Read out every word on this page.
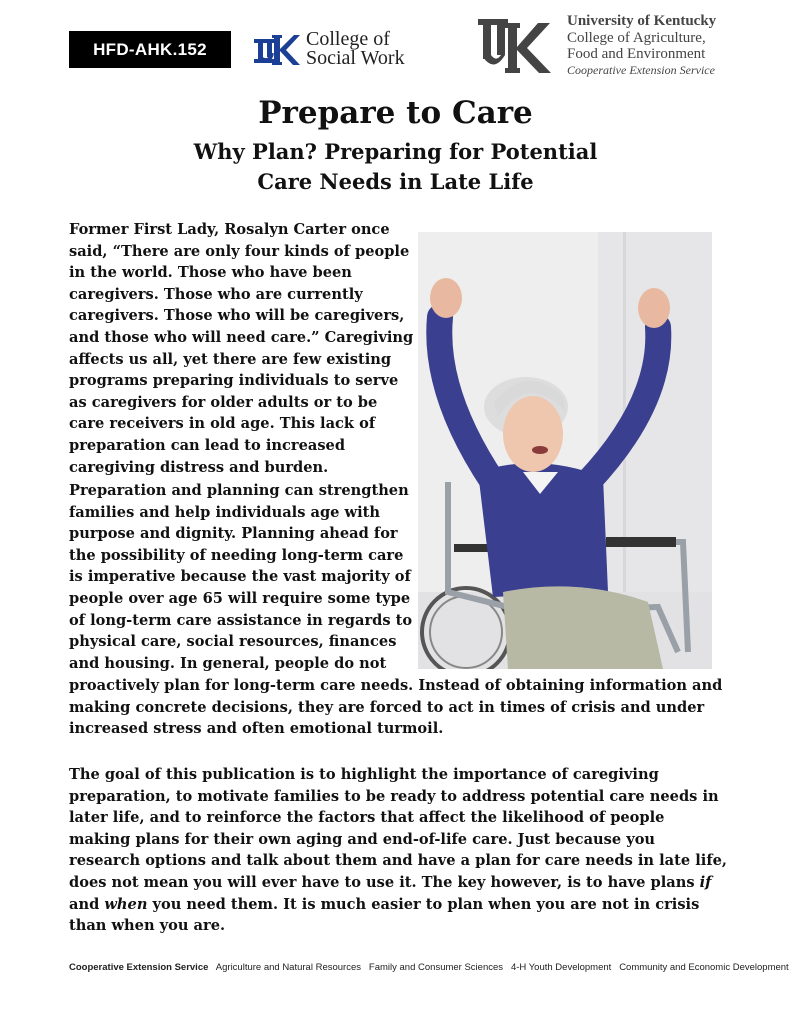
HFD-AHK.152	College of
Social Work
University of Kentucky
College of Agriculture,
Food and Environment
Cooperative Extension Service
Prepare to Care
Why Plan? Preparing for Potential
Care Needs in Late Life

Former First Lady, Rosalyn Carter once said, “There are only four kinds of people in the world. Those who have been caregivers. Those who are currently caregivers. Those who will be caregivers, and those who will need care.” Caregiving affects us all, yet there are few existing programs preparing individuals to serve as caregivers for older adults or to be care receivers in old age. This lack of preparation can lead to increased caregiving distress and burden.

Preparation and planning can strengthen families and help individuals age with purpose and dignity. Planning ahead for the possibility of needing long-term care is imperative because the vast majority of people over age 65 will require some type of long-term care assistance in regards to physical care, social resources, finances and housing. In general, people do not

proactively plan for long-term care needs. Instead of obtaining information and making concrete decisions, they are forced to act in times of crisis and under increased stress and often emotional turmoil.

The goal of this publication is to highlight the importance of caregiving preparation, to motivate families to be ready to address potential care needs in later life, and to reinforce the factors that affect the likelihood of people making plans for their own aging and end-of-life care. Just because you research options and talk about them and have a plan for care needs in late life, does not mean you will ever have to use it. The key however, is to have plans if and when you need them. It is much easier to plan when you are not in crisis than when you are.

Cooperative Extension Service   Agriculture and Natural Resources   Family and Consumer Sciences   4-H Youth Development   Community and Economic Development
